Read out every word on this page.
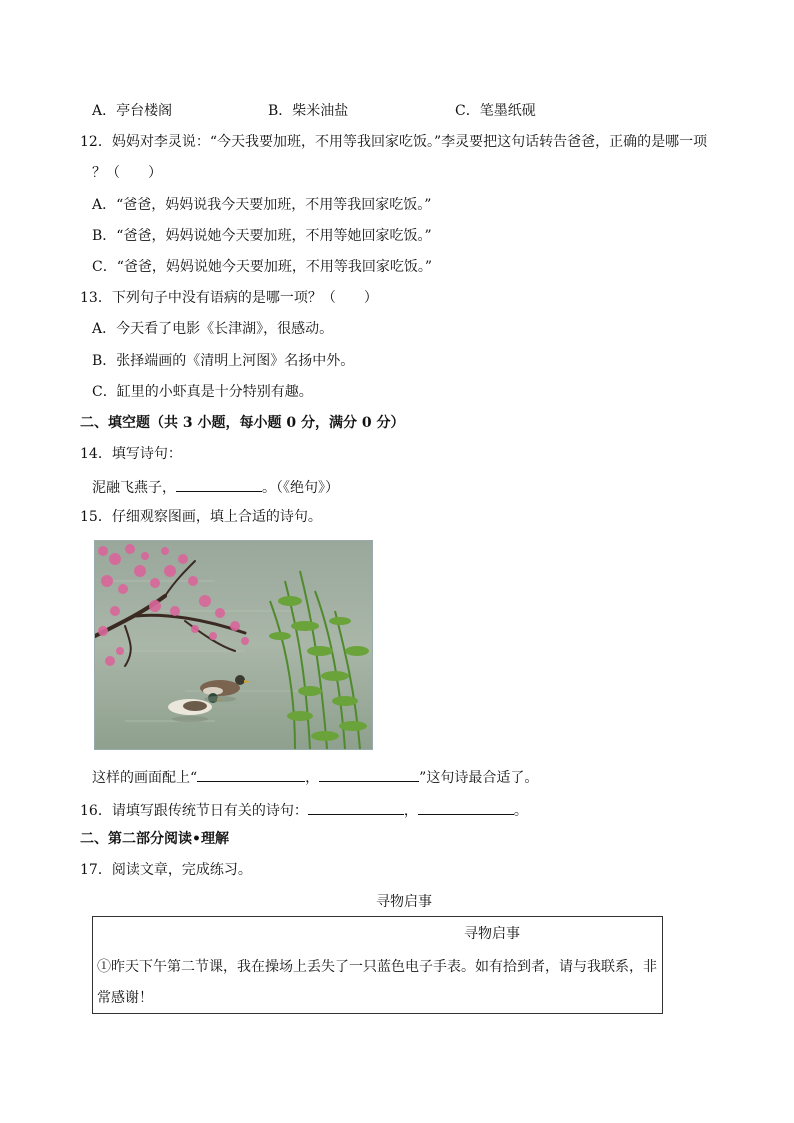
A．亭台楼阁	B．柴米油盐	C．笔墨纸砚
12．妈妈对李灵说：“今天我要加班，不用等我回家吃饭。”李灵要把这句话转告爸爸，正确的是哪一项
？（　　）
A．“爸爸，妈妈说我今天要加班，不用等我回家吃饭。”
B．“爸爸，妈妈说她今天要加班，不用等她回家吃饭。”
C．“爸爸，妈妈说她今天要加班，不用等我回家吃饭。”
13．下列句子中没有语病的是哪一项？（　　）
A．今天看了电影《长津湖》，很感动。
B．张择端画的《清明上河图》名扬中外。
C．缸里的小虾真是十分特别有趣。
二、填空题（共 3 小题，每小题 0 分，满分 0 分）
14．填写诗句：
泥融飞燕子，	。（《绝句》）
15．仔细观察图画，填上合适的诗句。
这样的画面配上“	，	”这句诗最合适了。
16．请填写跟传统节日有关的诗句：	，	。
二、第二部分阅读•理解
17．阅读文章，完成练习。
寻物启事
寻物启事
①昨天下午第二节课，我在操场上丢失了一只蓝色电子手表。如有拾到者，请与我联系，非
常感谢！
